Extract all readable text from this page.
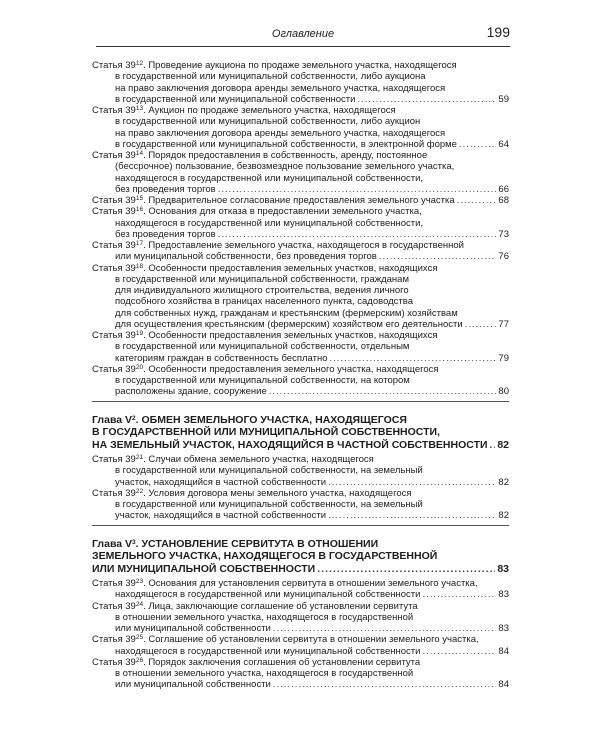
Оглавление	199
Статья $39^{12}$. Проведение аукциона по продаже земельного участка, находящегося
в государственной или муниципальной собственности, либо аукциона
на право заключения договора аренды земельного участка, находящегося
в государственной или муниципальной собственности .....	59
Статья $39^{13}$. Аукцион по продаже земельного участка, находящегося
в государственной или муниципальной собственности, либо аукцион
на право заключения договора аренды земельного участка, находящегося
в государственной или муниципальной собственности, в электронной форме .....	64
Статья $39^{14}$. Порядок предоставления в собственность, аренду, постоянное
(бессрочное) пользование, безвозмездное пользование земельного участка,
находящегося в государственной или муниципальной собственности,
без проведения торгов .....	66
Статья $39^{15}$. Предварительное согласование предоставления земельного участка .....	68
Статья $39^{16}$. Основания для отказа в предоставлении земельного участка,
находящегося в государственной или муниципальной собственности,
без проведения торгов .....	73
Статья $39^{17}$. Предоставление земельного участка, находящегося в государственной
или муниципальной собственности, без проведения торгов .....	76
Статья $39^{18}$. Особенности предоставления земельных участков, находящихся
в государственной или муниципальной собственности, гражданам
для индивидуального жилищного строительства, ведения личного
подсобного хозяйства в границах населенного пункта, садоводства
для собственных нужд, гражданам и крестьянским (фермерским) хозяйствам
для осуществления крестьянским (фермерским) хозяйством его деятельности .....	77
Статья $39^{19}$. Особенности предоставления земельных участков, находящихся
в государственной или муниципальной собственности, отдельным
категориям граждан в собственность бесплатно .....	79
Статья $39^{20}$. Особенности предоставления земельного участка, находящегося
в государственной или муниципальной собственности, на котором
расположены здание, сооружение .....	80
Глава $V^2$. ОБМЕН ЗЕМЕЛЬНОГО УЧАСТКА, НАХОДЯЩЕГОСЯ
В ГОСУДАРСТВЕННОЙ ИЛИ МУНИЦИПАЛЬНОЙ СОБСТВЕННОСТИ,
НА ЗЕМЕЛЬНЫЙ УЧАСТОК, НАХОДЯЩИЙСЯ В ЧАСТНОЙ СОБСТВЕННОСТИ ..... 82
Статья $39^{21}$. Случаи обмена земельного участка, находящегося
в государственной или муниципальной собственности, на земельный
участок, находящийся в частной собственности .....	82
Статья $39^{22}$. Условия договора мены земельного участка, находящегося
в государственной или муниципальной собственности, на земельный
участок, находящийся в частной собственности .....	82
Глава $V^3$. УСТАНОВЛЕНИЕ СЕРВИТУТА В ОТНОШЕНИИ
ЗЕМЕЛЬНОГО УЧАСТКА, НАХОДЯЩЕГОСЯ В ГОСУДАРСТВЕННОЙ
ИЛИ МУНИЦИПАЛЬНОЙ СОБСТВЕННОСТИ .....	83
Статья $39^{23}$. Основания для установления сервитута в отношении земельного участка,
находящегося в государственной или муниципальной собственности .....	83
Статья $39^{24}$. Лица, заключающие соглашение об установлении сервитута
в отношении земельного участка, находящегося в государственной
или муниципальной собственности .....	83
Статья $39^{25}$. Соглашение об установлении сервитута в отношении земельного участка,
находящегося в государственной или муниципальной собственности .....	84
Статья $39^{26}$. Порядок заключения соглашения об установлении сервитута
в отношении земельного участка, находящегося в государственной
или муниципальной собственности .....	84
